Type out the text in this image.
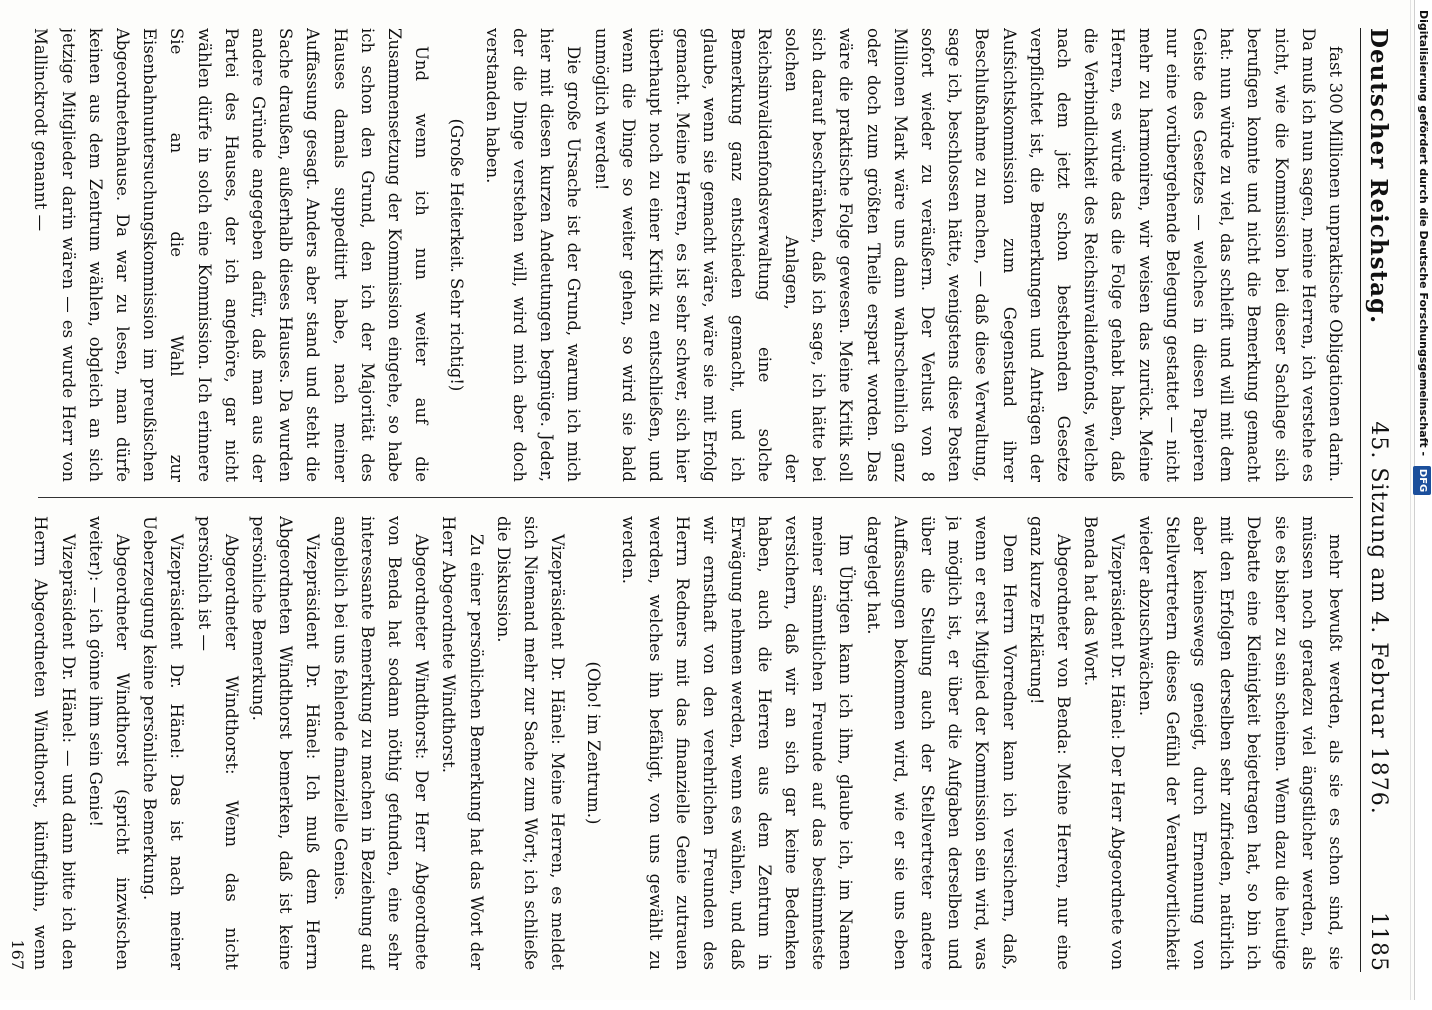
Deutscher Reichstag.
45. Sitzung am 4. Februar 1876.
1185

fast 300 Millionen unpraktische Obligationen darin. Da muß ich nun sagen, meine Herren, ich verstehe es nicht, wie die Kommission bei dieser Sachlage sich berufigen konnte und nicht die Bemerkung gemacht hat: nun würde zu viel, das schleift und will mit dem Geiste des Gesetzes — welches in diesen Papieren nur eine vorübergehende Belegung gestattet — nicht mehr zu harmoniren, wir weisen das zurück. Meine Herren, es würde das die Folge gehabt haben, daß die Verbindlichkeit des Reichsinvalidenfonds, welche nach dem jetzt schon bestehenden Gesetze verpflichtet ist, die Bemerkungen und Anträgen der Aufsichtskommission zum Gegenstand ihrer Beschlußnahme zu machen, — daß diese Verwaltung, sage ich, beschlossen hätte, wenigstens diese Posten sofort wieder zu veräußern. Der Verlust von 8 Millionen Mark wäre uns dann wahrscheinlich ganz oder doch zum größten Theile erspart worden. Das wäre die praktische Folge gewesen. Meine Kritik soll sich darauf beschränken, daß ich sage, ich hätte bei solchen Anlagen, der Reichsinvalidenfondsverwaltung eine solche Bemerkung ganz entschieden gemacht, und ich glaube, wenn sie gemacht wäre, wäre sie mit Erfolg gemacht. Meine Herren, es ist sehr schwer, sich hier überhaupt noch zu einer Kritik zu entschließen, und wenn die Dinge so weiter gehen, so wird sie bald unmöglich werden!

Die große Ursache ist der Grund, warum ich mich hier mit diesen kurzen Andeutungen begnüge. Jeder, der die Dinge verstehen will, wird mich aber doch verstanden haben.

(Große Heiterkeit. Sehr richtig!)

Und wenn ich nun weiter auf die Zusammensetzung der Kommission eingehe, so habe ich schon den Grund, den ich der Majorität des Hauses damals suppeditirt habe, nach meiner Auffassung gesagt. Anders aber stand und steht die Sache draußen, außerhalb dieses Hauses. Da wurden andere Gründe angegeben dafür, daß man aus der Partei des Hauses, der ich angehöre, gar nicht wählen dürfe in solch eine Kommission. Ich erinnere Sie an die Wahl zur Eisenbahnuntersuchungskommission im preußischen Abgeordnetenhause. Da war zu lesen, man dürfe keinen aus dem Zentrum wählen, obgleich an sich jetzige Mitglieder darin wären — es wurde Herr von Mallinckrodt genannt —

mehr bewußt werden, als sie es schon sind, sie müssen noch geradezu viel ängstlicher werden, als sie es bisher zu sein scheinen. Wenn dazu die heutige Debatte eine Kleinigkeit beigetragen hat, so bin ich mit den Erfolgen derselben sehr zufrieden, natürlich aber keineswegs geneigt, durch Ernennung von Stellvertretern dieses Gefühl der Verantwortlichkeit wieder abzuschwächen.

Vizepräsident Dr. Hänel: Der Herr Abgeordnete von Benda hat das Wort.

Abgeordneter von Benda: Meine Herren, nur eine ganz kurze Erklärung!

Dem Herrn Vorredner kann ich versichern, daß, wenn er erst Mitglied der Kommission sein wird, was ja möglich ist, er über die Aufgaben derselben und über die Stellung auch der Stellvertreter andere Auffassungen bekommen wird, wie er sie uns eben dargelegt hat.

Im Übrigen kann ich ihm, glaube ich, im Namen meiner sämmtlichen Freunde auf das bestimmteste versichern, daß wir an sich gar keine Bedenken haben, auch die Herren aus dem Zentrum in Erwägung nehmen werden, wenn es wählen, und daß wir ernsthaft von den verehrlichen Freunden des Herrn Redners mit das finanzielle Genie zutrauen werden, welches ihn befähigt, von uns gewählt zu werden.

(Oho! im Zentrum.)

Vizepräsident Dr. Hänel: Meine Herren, es meldet sich Niemand mehr zur Sache zum Wort; ich schließe die Diskussion.

Zu einer persönlichen Bemerkung hat das Wort der Herr Abgeordnete Windthorst.

Abgeordneter Windthorst: Der Herr Abgeordnete von Benda hat sodann nöthig gefunden, eine sehr interessante Bemerkung zu machen in Beziehung auf angeblich bei uns fehlende finanzielle Genies.

Vizepräsident Dr. Hänel: Ich muß dem Herrn Abgeordneten Windthorst bemerken, daß ist keine persönliche Bemerkung.

Abgeordneter Windthorst: Wenn das nicht persönlich ist —

Vizepräsident Dr. Hänel: Das ist nach meiner Ueberzeugung keine persönliche Bemerkung.

Abgeordneter Windthorst (spricht inzwischen weiter): — ich gönne ihm sein Genie!

Vizepräsident Dr. Hänel: — und dann bitte ich den Herrn Abgeordneten Windthorst, künftighin, wenn

167
Digitalisierung gefördert durch die Deutsche Forschungsgemeinschaft - DFG
